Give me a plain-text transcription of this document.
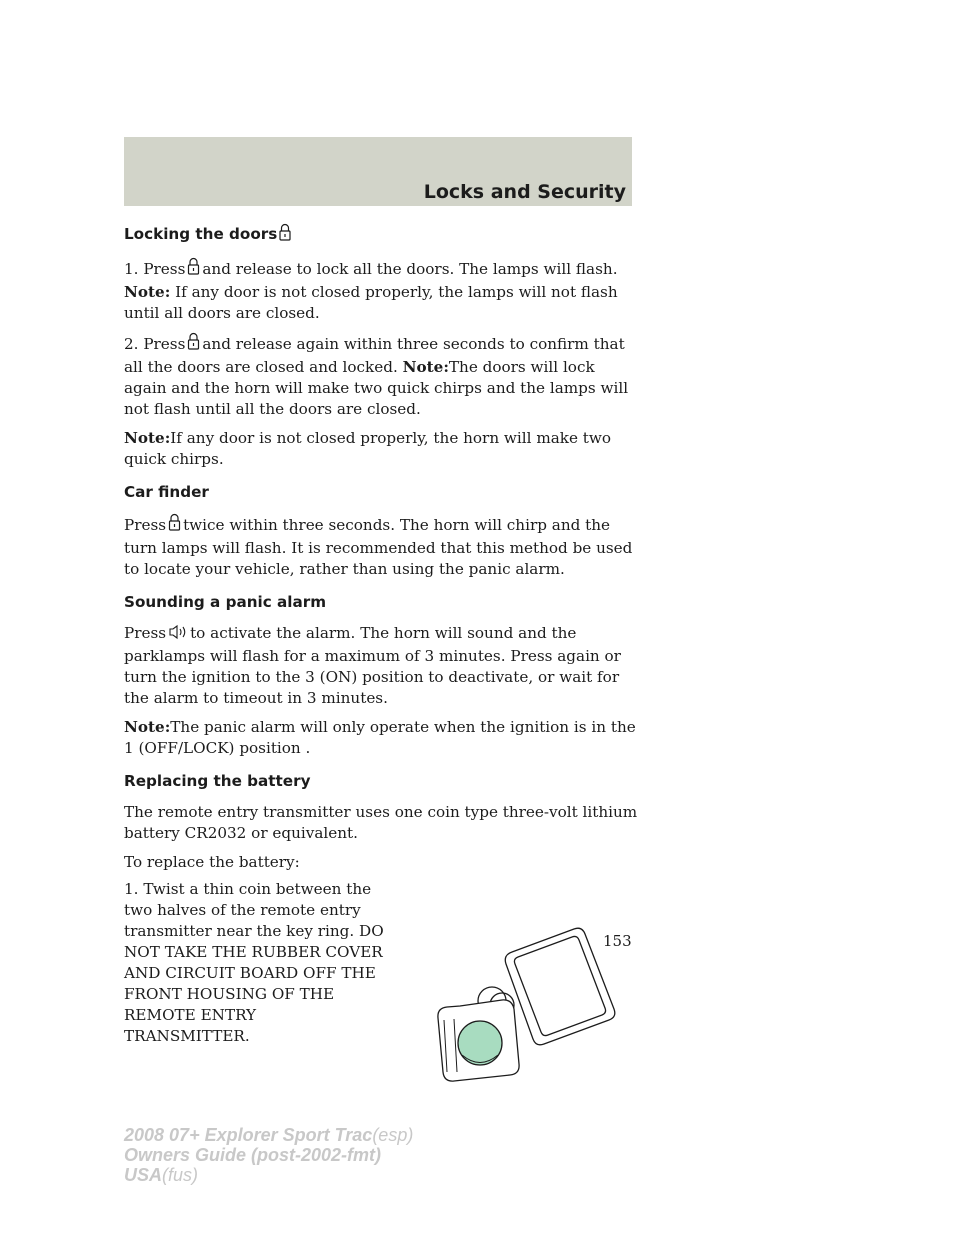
Locks and Security
Locking the doors

1. Press and release to lock all the doors. The lamps will flash. Note: If any door is not closed properly, the lamps will not flash until all doors are closed.

2. Press and release again within three seconds to confirm that all the doors are closed and locked. Note:The doors will lock again and the horn will make two quick chirps and the lamps will not flash until all the doors are closed.

Note:If any door is not closed properly, the horn will make two quick chirps.

Car finder

Press twice within three seconds. The horn will chirp and the turn lamps will flash. It is recommended that this method be used to locate your vehicle, rather than using the panic alarm.

Sounding a panic alarm

Press to activate the alarm. The horn will sound and the parklamps will flash for a maximum of 3 minutes. Press again or turn the ignition to the 3 (ON) position to deactivate, or wait for the alarm to timeout in 3 minutes.

Note:The panic alarm will only operate when the ignition is in the 1 (OFF/LOCK) position .

Replacing the battery

The remote entry transmitter uses one coin type three-volt lithium battery CR2032 or equivalent.

To replace the battery:

1. Twist a thin coin between the two halves of the remote entry transmitter near the key ring. DO NOT TAKE THE RUBBER COVER AND CIRCUIT BOARD OFF THE FRONT HOUSING OF THE REMOTE ENTRY TRANSMITTER.

153
2008 07+ Explorer Sport Trac(esp)
Owners Guide (post-2002-fmt)
USA(fus)
